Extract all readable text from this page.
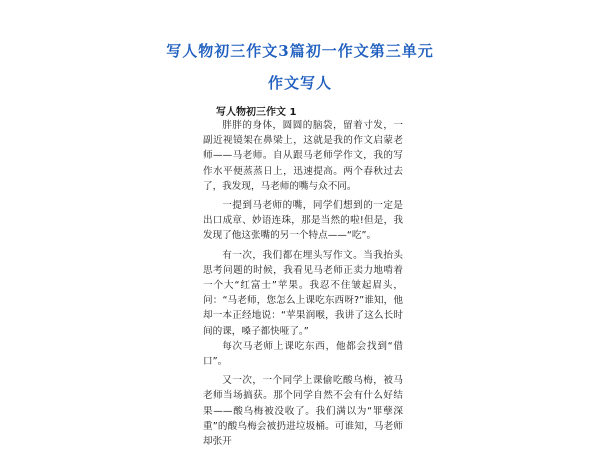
写人物初三作文3篇初一作文第三单元
作文写人
写人物初三作文 1

胖胖的身体，圆圆的脑袋，留着寸发，一副近视镜架在鼻梁上，这就是我的作文启蒙老师——马老师。自从跟马老师学作文，我的写作水平便蒸蒸日上，迅速提高。两个春秋过去了，我发现，马老师的嘴与众不同。

一提到马老师的嘴，同学们想到的一定是出口成章、妙语连珠，那是当然的啦!但是，我发现了他这张嘴的另一个特点——“吃”。

有一次，我们都在埋头写作文。当我抬头思考问题的时候，我看见马老师正卖力地啃着一个大“红富士”苹果。我忍不住皱起眉头，问：“马老师，您怎么上课吃东西呀?”谁知，他却一本正经地说：“苹果润喉，我讲了这么长时间的课，嗓子都快哑了。”

每次马老师上课吃东西，他都会找到“借口”。

又一次，一个同学上课偷吃酸乌梅，被马老师当场搞获。那个同学自然不会有什么好结果——酸乌梅被没收了。我们满以为“罪孽深重”的酸乌梅会被扔进垃圾桶。可谁知，马老师却张开
